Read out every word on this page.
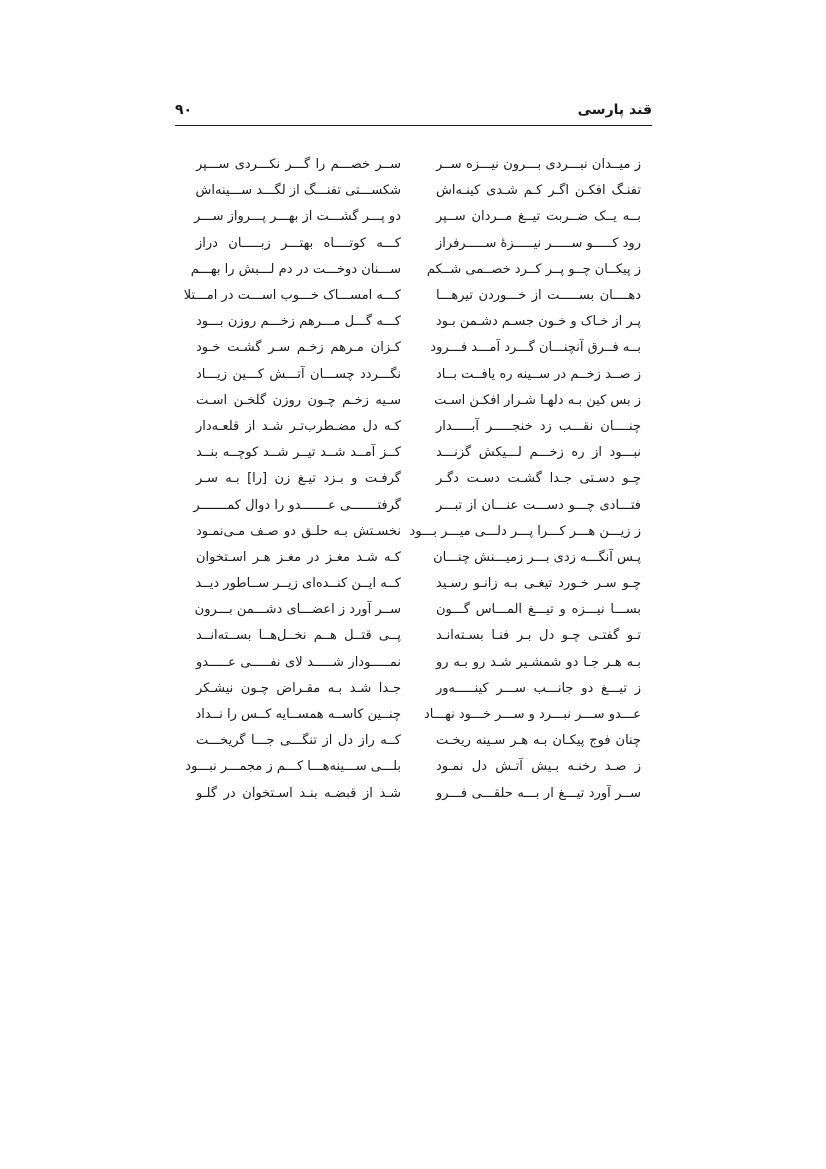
قند پارسی
۹۰
ز میــدان نبـــردی بـــرون نیـــزه ســر
ســر خصـــم را گـــر نکـــردی ســـپر
تفنـگ افکـن اگـر کـم شـدی کینـه‌اش
شکســـتی تفنـــگ از لگـــد ســـینه‌اش
بــه یــک ضــربت تیــغ مــردان ســپر
دو پـــر گشـــت از بهـــر پـــرواز ســـر
رود کـــــو ســـــر نیـــــزهٔ ســـــرفراز
کـــه کوتــــاه بهتـــر زبـــــان دراز
ز پیکــان چــو پــر کــرد خصــمی شــکم
ســـنان دوخـــت در دم لـــبش را بهـــم
دهــــان بســـــت از خـــوردن تیرهـــا
کـــه امســـاک خـــوب اســـت در امـــتلا
پـر از خـاک و خـون جسـم دشـمن بـود
کـــه گـــل مـــرهم زخـــم روزن بـــود
بــه فــرق آنچنـــان گـــرد آمـــد فـــرود
کـزان مـرهم زخـم سـر گشـت خـود
ز صــد زخــم در ســینه ره یافــت بــاد
نگـــردد چســـان آتـــش کـــین زیـــاد
ز بس کین بـه دلهـا شـرار افکـن اسـت
سـیه زخـم چـون روزن گلخـن اسـت
چنــــان نقـــب زد خنجـــــر آبـــــدار
کـه دل مضـطرب‌تـر شـد از قلعـه‌دار
نبـــود از ره زخـــم لـــیکش گزنـــد
کــز آمــد شــد تیــر شــد کوچــه بنــد
چـو دسـتی جـدا گشـت دسـت دگـر
گرفـت و بـزد تیـغ زن [را] بـه سـر
فتـــادی چـــو دســـت عنـــان از تبـــر
گرفتـــــــی عـــــــدو را دوال کمـــــــر
ز زیـــن هـــر کـــرا پـــر دلـــی میـــر بـــود
نخسـتش بـه حلـق دو صـف مـی‌نمـود
پـس آنگـــه زدی بـــر زمیـــنش چنـــان
کـه شـد مغـز در مغـز هـر اسـتخوان
چـو سـر خـورد تیغـی بـه زانـو رسـید
کــه ایــن کنــده‌ای زیــر ســاطور دیــد
بســـا نیـــزه و تیـــغ المـــاس گـــون
ســر آورد ز اعضـــای دشـــمن بـــرون
تـو گفتـی چـو دل بـر فنـا بسـته‌انـد
پــی قتــل هــم نخــل‌هــا بســته‌انــد
بـه هـر جـا دو شمشـیر شـد رو بـه رو
نمـــــودار شـــــد لای نفـــــی عـــــدو
ز تیـــغ دو جانـــب ســـر کینـــــه‌ور
جـدا شـد بـه مقـراض چـون نیشـکر
عـــدو ســـر نبـــرد و ســـر خـــود نهـــاد
چنــین کاســه همســایه کــس را نــداد
چنان فوج پیکـان بـه هـر سـینه ریخـت
کــه راز دل از تنگـــی جـــا گریخـــت
ز صـد رخنـه بـیش آتـش دل نمـود
بلـــی ســـینه‌هـــا کـــم ز مجمـــر نبـــود
ســر آورد تیـــغ ار بـــه حلقـــی فـــرو
شـد از قبضـه بنـد اسـتخوان در گلـو
